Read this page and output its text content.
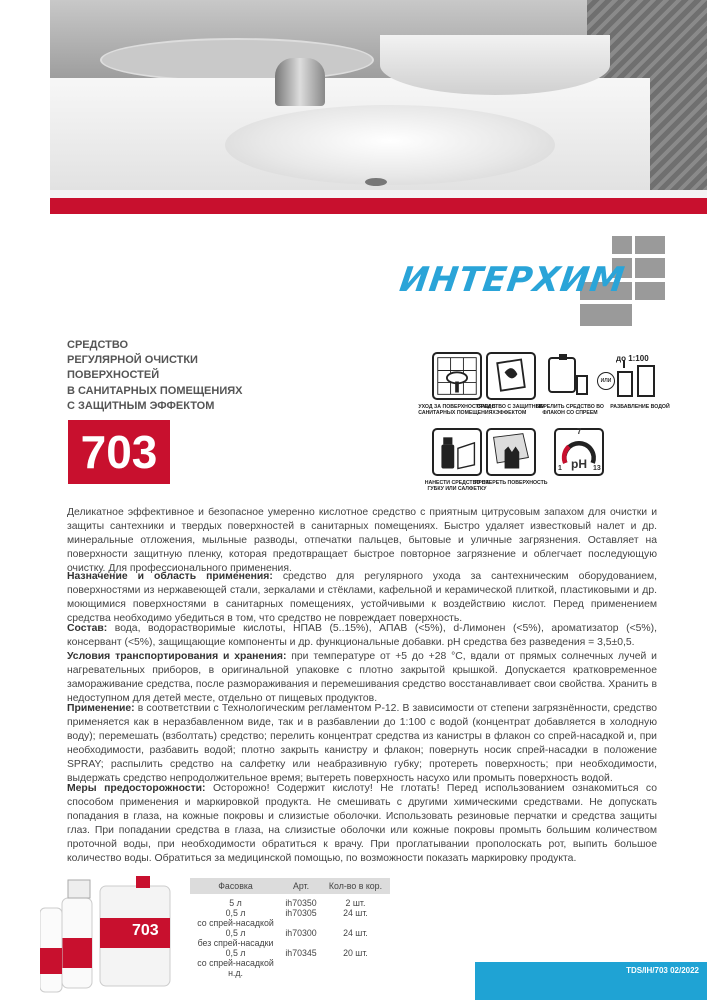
ИНТЕРХИМ
СРЕДСТВО
РЕГУЛЯРНОЙ ОЧИСТКИ
ПОВЕРХНОСТЕЙ
В САНИТАРНЫХ ПОМЕЩЕНИЯХ
С ЗАЩИТНЫМ ЭФФЕКТОМ
703
УХОД ЗА ПОВЕРХНОСТЯМИ В САНИТАРНЫХ ПОМЕЩЕНИЯХ
СРЕДСТВО С ЗАЩИТНЫМ ЭФФЕКТОМ
ПЕРЕЛИТЬ СРЕДСТВО ВО ФЛАКОН СО СПРЕЕМ
ИЛИ
до 1:100
РАЗБАВЛЕНИЕ ВОДОЙ
НАНЕСТИ СРЕДСТВО НА ГУБКУ ИЛИ САЛФЕТКУ
ПРОТЕРЕТЬ ПОВЕРХНОСТЬ
7
pH
1	13
Деликатное эффективное и безопасное умеренно кислотное средство с приятным цитрусовым запахом для очистки и защиты сантехники и твердых поверхностей в санитарных помещениях. Быстро удаляет известковый налет и др. минеральные отложения, мыльные разводы, отпечатки пальцев, бытовые и уличные загрязнения. Оставляет на поверхности защитную пленку, которая предотвращает быстрое повторное загрязнение и облегчает последующую очистку. Для профессионального применения.
Назначение и область применения: средство для регулярного ухода за сантехническим оборудованием, поверхностями из нержавеющей стали, зеркалами и стёклами, кафельной и керамической плиткой, пластиковыми и др. моющимися поверхностями в санитарных помещениях, устойчивыми к воздействию кислот. Перед применением средства необходимо убедиться в том, что средство не повреждает поверхность.
Состав: вода, водорастворимые кислоты, НПАВ (5..15%), АПАВ (<5%), d-Лимонен (<5%), ароматизатор (<5%), консервант (<5%), защищающие компоненты и др. функциональные добавки. рН средства без разведения = 3,5±0,5.
Условия транспортирования и хранения: при температуре от +5 до +28 °С, вдали от прямых солнечных лучей и нагревательных приборов, в оригинальной упаковке с плотно закрытой крышкой. Допускается кратковременное замораживание средства, после размораживания и перемешивания средство восстанавливает свои свойства. Хранить в недоступном для детей месте, отдельно от пищевых продуктов.
Применение: в соответствии с Технологическим регламентом Р-12. В зависимости от степени загрязнённости, средство применяется как в неразбавленном виде, так и в разбавлении до 1:100 с водой (концентрат добавляется в холодную воду); перемешать (взболтать) средство; перелить концентрат средства из канистры в флакон со спрей-насадкой и, при необходимости, разбавить водой; плотно закрыть канистру и флакон; повернуть носик спрей-насадки в положение SPRAY; распылить средство на салфетку или неабразивную губку; протереть поверхность; при необходимости, выдержать средство непродолжительное время; вытереть поверхность насухо или промыть поверхность водой.
Меры предосторожности: Осторожно! Содержит кислоту! Не глотать! Перед использованием ознакомиться со способом применения и маркировкой продукта. Не смешивать с другими химическими средствами. Не допускать попадания в глаза, на кожные покровы и слизистые оболочки. Использовать резиновые перчатки и средства защиты глаз. При попадании средства в глаза, на слизистые оболочки или кожные покровы промыть большим количеством проточной воды, при необходимости обратиться к врачу. При проглатывании прополоскать рот, выпить большое количество воды. Обратиться за медицинской помощью, по возможности показать маркировку продукта.
703
Фасовка	Арт.	Кол-во в кор.
5 л	ih70350	2 шт.
0,5 л
со спрей-насадкой	ih70305	24 шт.
0,5 л
без спрей-насадки	ih70300	24 шт.
0,5 л
со спрей-насадкой
н.д.	ih70345	20 шт.
TDS/IH/703 02/2022
